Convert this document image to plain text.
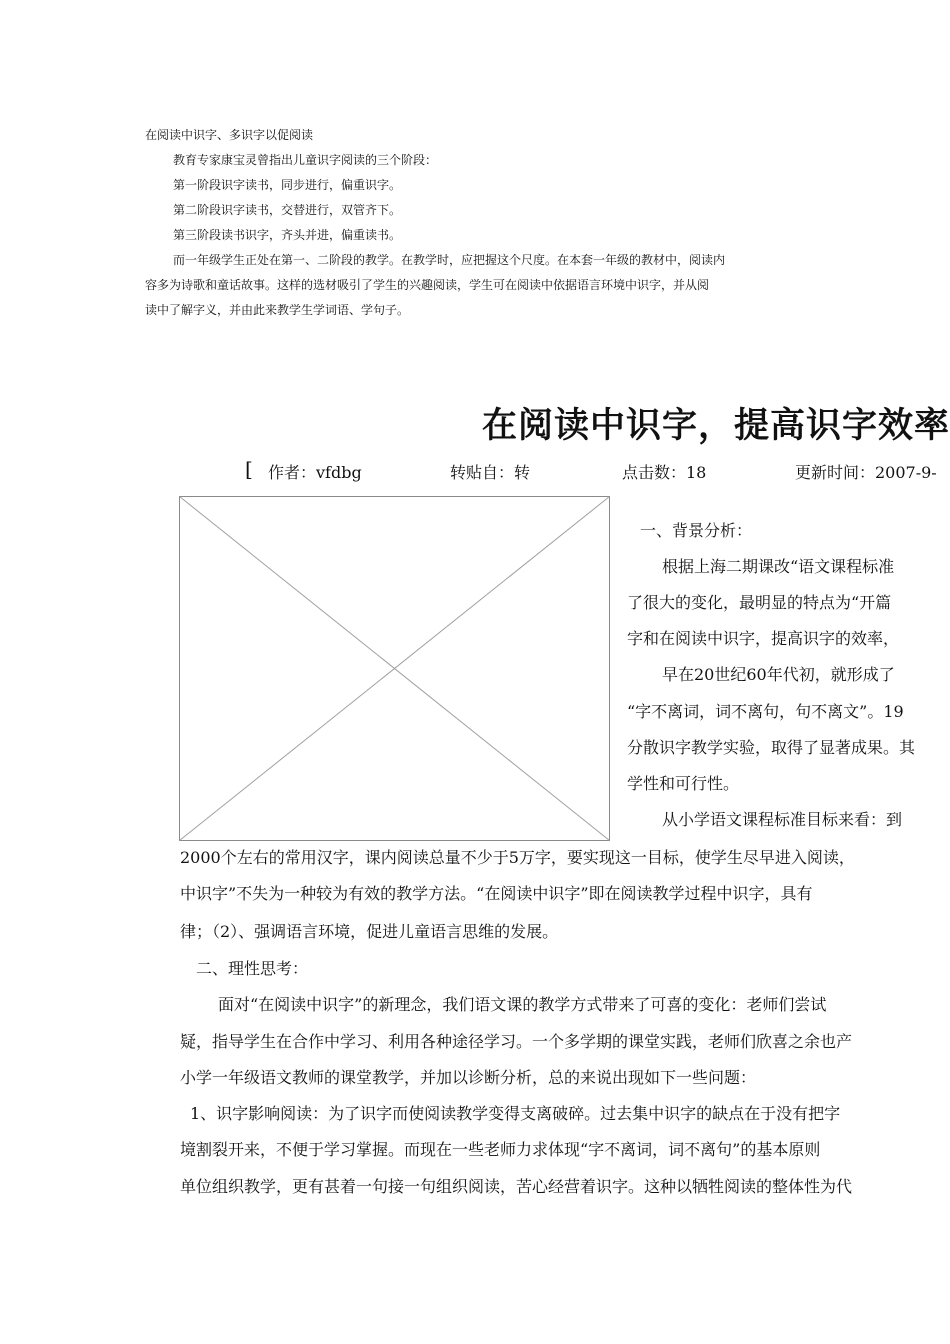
在阅读中识字、多识字以促阅读

教育专家康宝灵曾指出儿童识字阅读的三个阶段：

第一阶段识字读书，同步进行，偏重识字。

第二阶段识字读书，交替进行，双管齐下。

第三阶段读书识字，齐头并进，偏重读书。

而一年级学生正处在第一、二阶段的教学。在教学时，应把握这个尺度。在本套一年级的教材中，阅读内

容多为诗歌和童话故事。这样的选材吸引了学生的兴趣阅读，学生可在阅读中依据语言环境中识字，并从阅

读中了解字义，并由此来教学生学词语、学句子。

在阅读中识字，提高识字效率
[ 作者：vfdbg	转贴自：转	点击数：18	更新时间：2007-9-
一、背景分析：
根据上海二期课改“语文课程标准
了很大的变化，最明显的特点为“开篇
字和在阅读中识字，提高识字的效率，
早在20世纪60年代初，就形成了
“字不离词，词不离句，句不离文”。19
分散识字教学实验，取得了显著成果。其
学性和可行性。
从小学语文课程标准目标来看：到
2000个左右的常用汉字，课内阅读总量不少于5万字，要实现这一目标，使学生尽早进入阅读，
中识字”不失为一种较为有效的教学方法。“在阅读中识字”即在阅读教学过程中识字，具有
律；（2）、强调语言环境，促进儿童语言思维的发展。
二、理性思考：
面对“在阅读中识字”的新理念，我们语文课的教学方式带来了可喜的变化：老师们尝试
疑，指导学生在合作中学习、利用各种途径学习。一个多学期的课堂实践，老师们欣喜之余也产
小学一年级语文教师的课堂教学，并加以诊断分析，总的来说出现如下一些问题：
1、识字影响阅读：为了识字而使阅读教学变得支离破碎。过去集中识字的缺点在于没有把字
境割裂开来，不便于学习掌握。而现在一些老师力求体现“字不离词，词不离句”的基本原则
单位组织教学，更有甚着一句接一句组织阅读，苦心经营着识字。这种以牺牲阅读的整体性为代
